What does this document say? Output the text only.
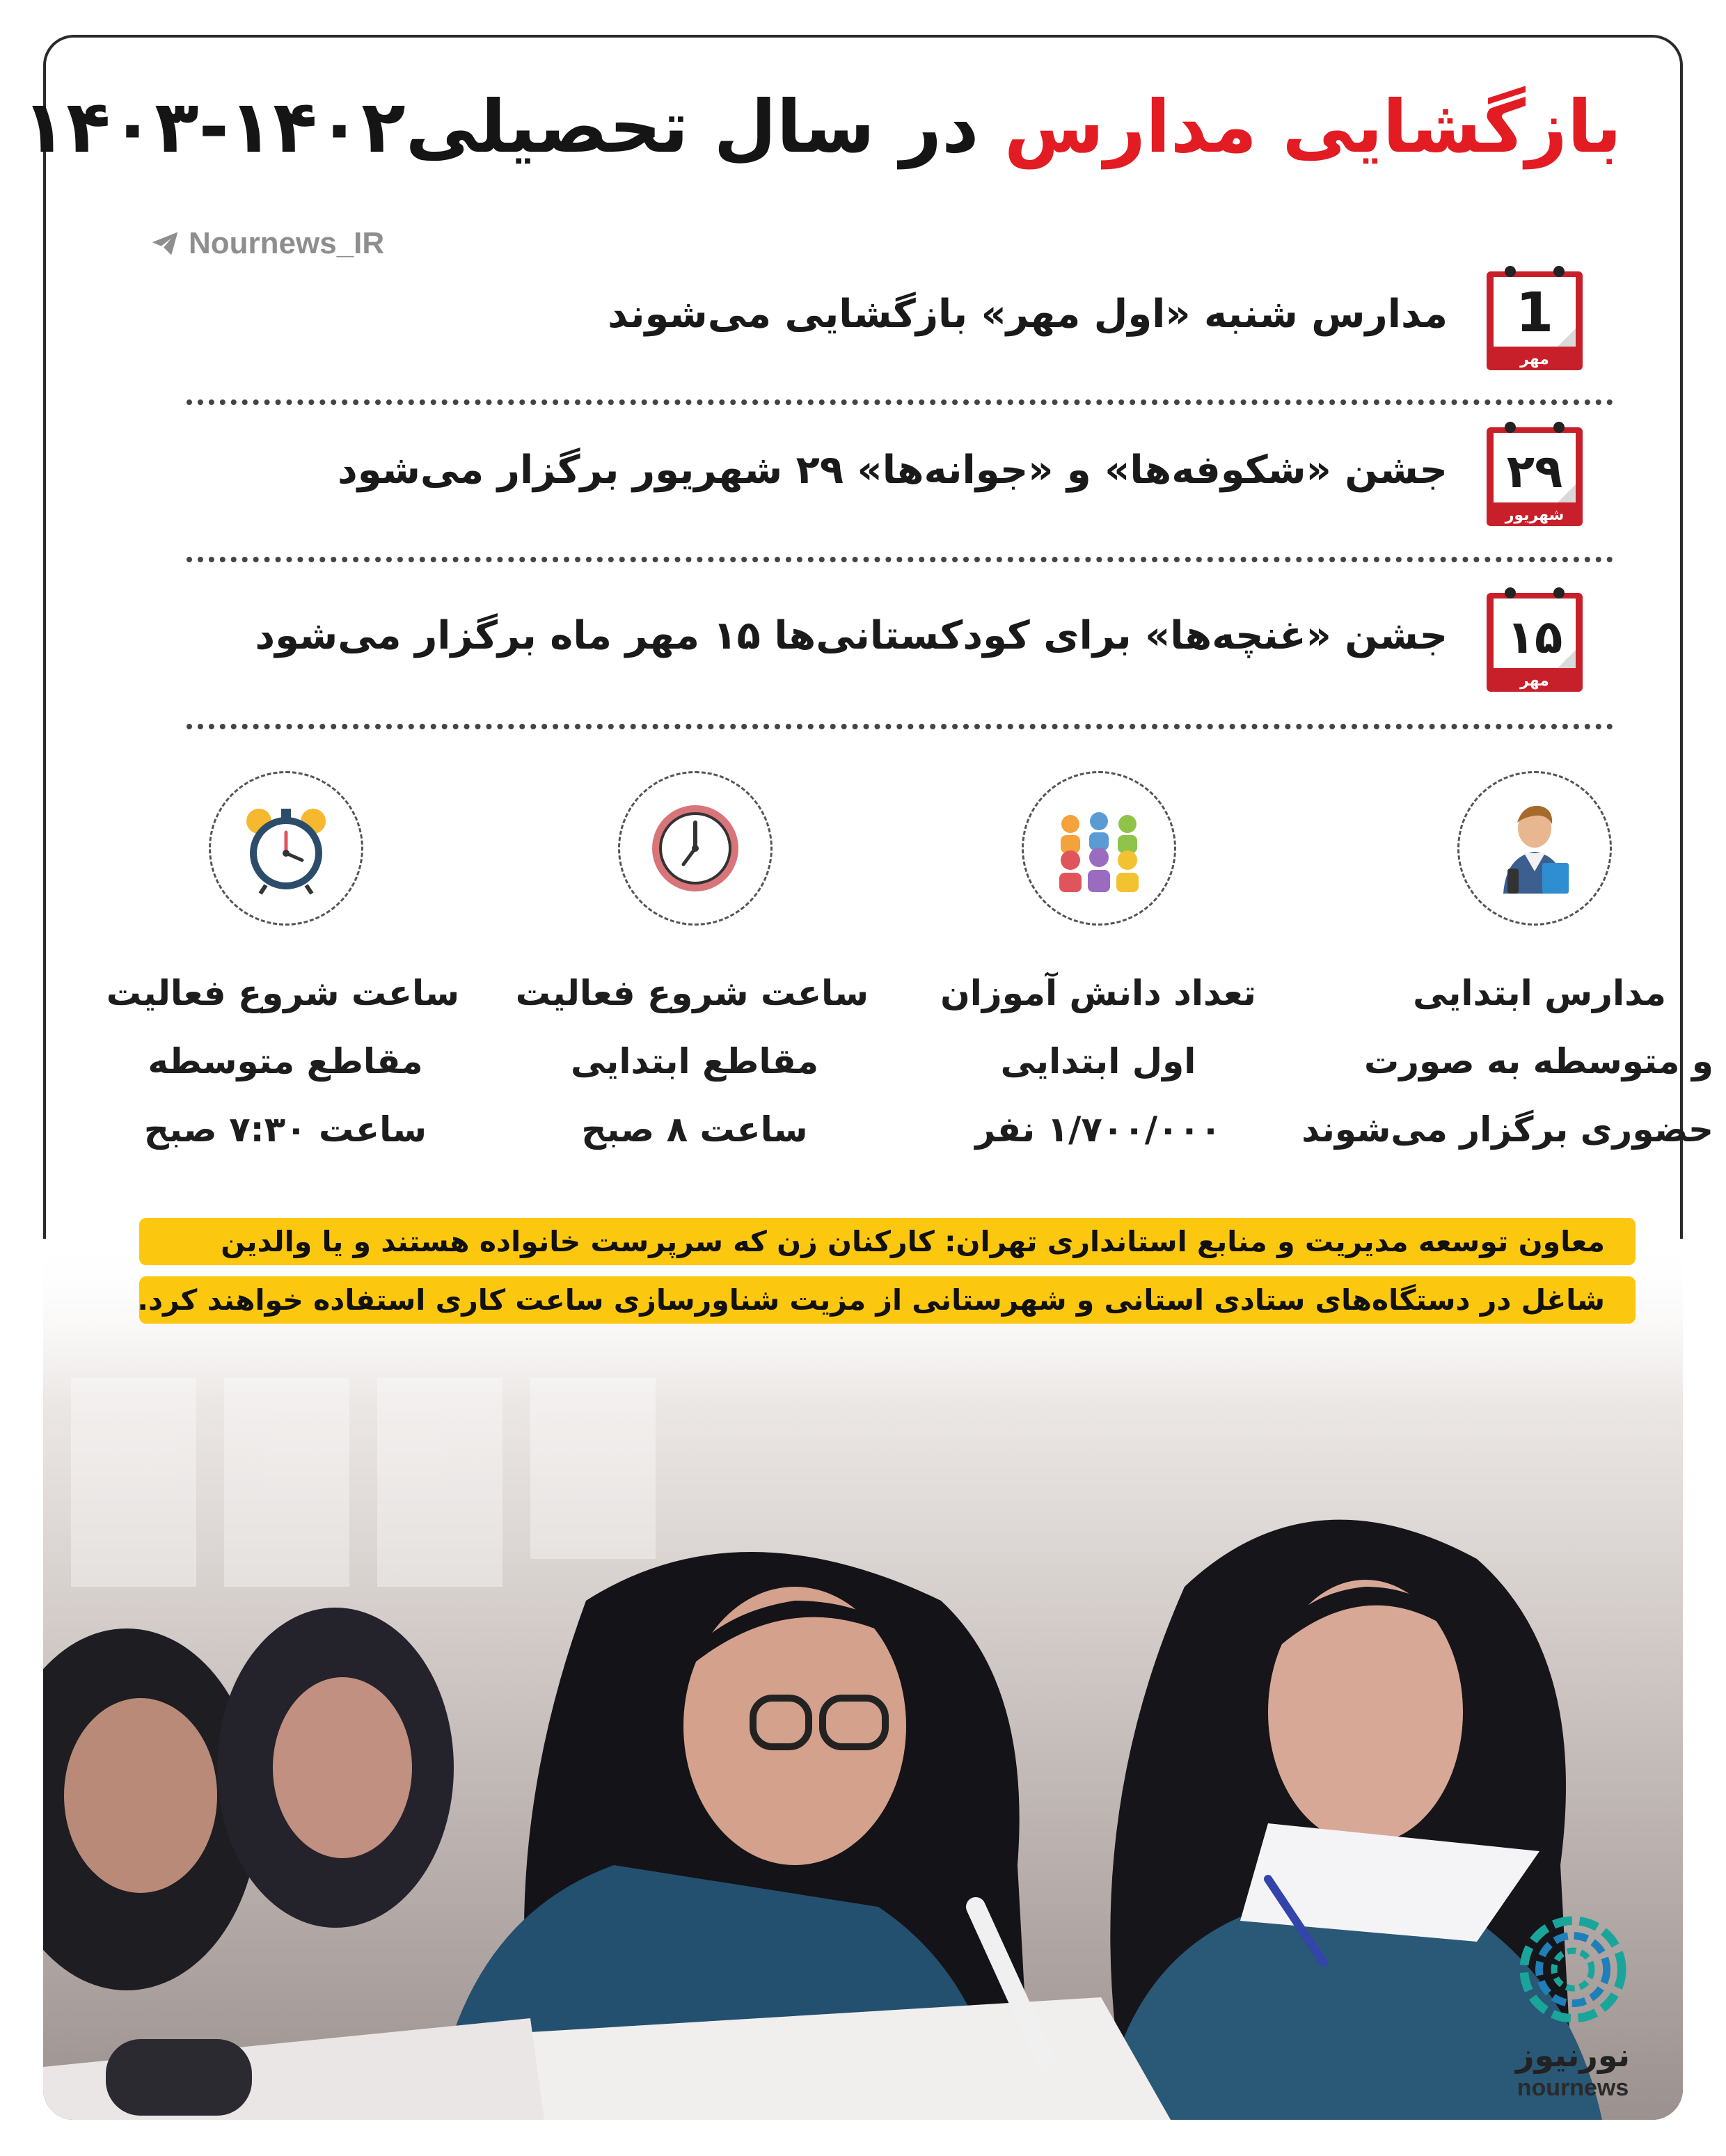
بازگشایی مدارس در سال تحصیلی۱۴۰۲-۱۴۰۳
Nournews_IR
1
مهر
مدارس شنبه «اول مهر» بازگشایی می‌شوند
۲۹
شهریور
جشن «شکوفه‌ها» و «جوانه‌ها» ۲۹ شهریور برگزار می‌شود
۱۵
مهر
جشن «غنچه‌ها» برای کودکستانی‌ها ۱۵ مهر ماه برگزار می‌شود
مدارس ابتدایی
و متوسطه به صورت
حضوری برگزار می‌شوند
تعداد دانش آموزان
اول ابتدایی
۱/۷۰۰/۰۰۰ نفر
ساعت شروع فعالیت
مقاطع ابتدایی
ساعت ۸ صبح
ساعت شروع فعالیت
مقاطع متوسطه
ساعت ۷:۳۰ صبح
معاون توسعه مدیریت و منابع استانداری تهران: کارکنان زن که سرپرست خانواده هستند و یا والدین
شاغل در دستگاه‌های ستادی استانی و شهرستانی از مزیت شناورسازی ساعت کاری استفاده خواهند کرد.
نورنیوز
nournews
